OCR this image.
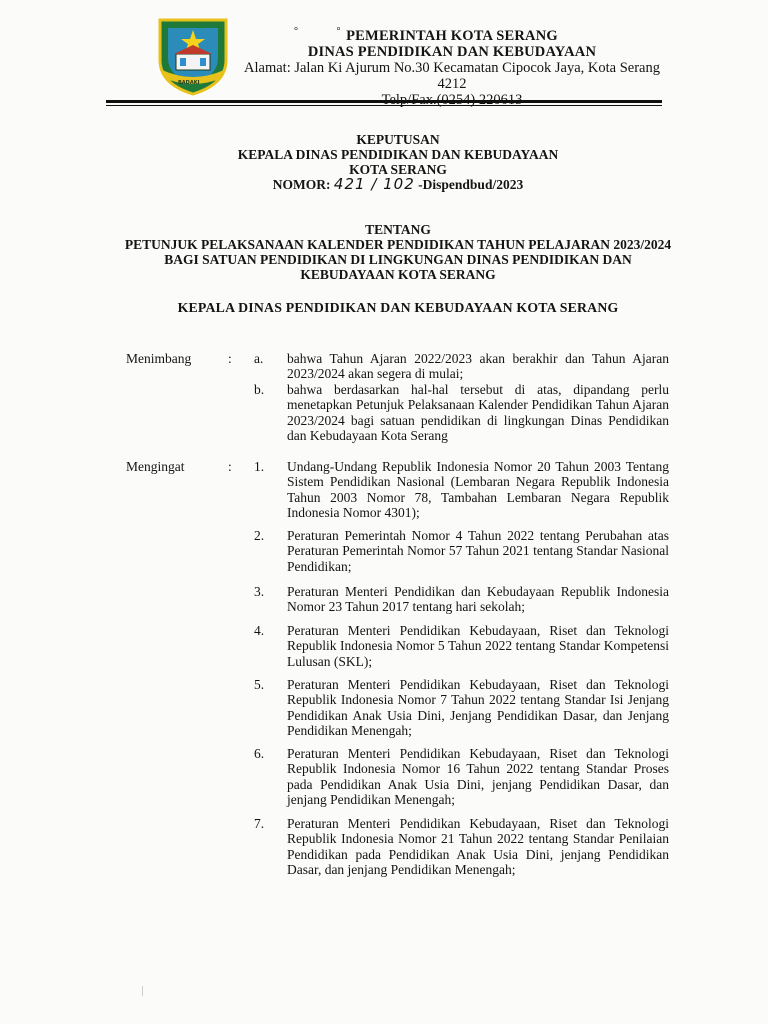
BADAKI
° °
PEMERINTAH KOTA SERANG
DINAS PENDIDIKAN DAN KEBUDAYAAN
Alamat: Jalan Ki Ajurum No.30 Kecamatan Cipocok Jaya, Kota Serang 4212
KEPUTUSAN
KEPALA DINAS PENDIDIKAN DAN KEBUDAYAAN
KOTA SERANG
NOMOR: 421 / 102 -Dispendbud/2023
TENTANG
PETUNJUK PELAKSANAAN KALENDER PENDIDIKAN TAHUN PELAJARAN 2023/2024
BAGI SATUAN PENDIDIKAN DI LINGKUNGAN DINAS PENDIDIKAN DAN
KEBUDAYAAN KOTA SERANG
KEPALA DINAS PENDIDIKAN DAN KEBUDAYAAN KOTA SERANG
Menimbang	: a. bahwa Tahun Ajaran 2022/2023 akan berakhir dan Tahun Ajaran 2023/2024 akan segera di mulai;
b. bahwa berdasarkan hal-hal tersebut di atas, dipandang perlu menetapkan Petunjuk Pelaksanaan Kalender Pendidikan Tahun Ajaran 2023/2024 bagi satuan pendidikan di lingkungan Dinas Pendidikan dan Kebudayaan Kota Serang
Mengingat	: 1. Undang-Undang Republik Indonesia Nomor 20 Tahun 2003 Tentang Sistem Pendidikan Nasional (Lembaran Negara Republik Indonesia Tahun 2003 Nomor 78, Tambahan Lembaran Negara Republik Indonesia Nomor 4301);
2. Peraturan Pemerintah Nomor 4 Tahun 2022 tentang Perubahan atas Peraturan Pemerintah Nomor 57 Tahun 2021 tentang Standar Nasional Pendidikan;
3. Peraturan Menteri Pendidikan dan Kebudayaan Republik Indonesia Nomor 23 Tahun 2017 tentang hari sekolah;
4. Peraturan Menteri Pendidikan Kebudayaan, Riset dan Teknologi Republik Indonesia Nomor 5 Tahun 2022 tentang Standar Kompetensi Lulusan (SKL);
5. Peraturan Menteri Pendidikan Kebudayaan, Riset dan Teknologi Republik Indonesia Nomor 7 Tahun 2022 tentang Standar Isi Jenjang Pendidikan Anak Usia Dini, Jenjang Pendidikan Dasar, dan Jenjang Pendidikan Menengah;
6. Peraturan Menteri Pendidikan Kebudayaan, Riset dan Teknologi Republik Indonesia Nomor 16 Tahun 2022 tentang Standar Proses pada Pendidikan Anak Usia Dini, jenjang Pendidikan Dasar, dan jenjang Pendidikan Menengah;
7. Peraturan Menteri Pendidikan Kebudayaan, Riset dan Teknologi Republik Indonesia Nomor 21 Tahun 2022 tentang Standar Penilaian Pendidikan pada Pendidikan Anak Usia Dini, jenjang Pendidikan Dasar, dan jenjang Pendidikan Menengah;
